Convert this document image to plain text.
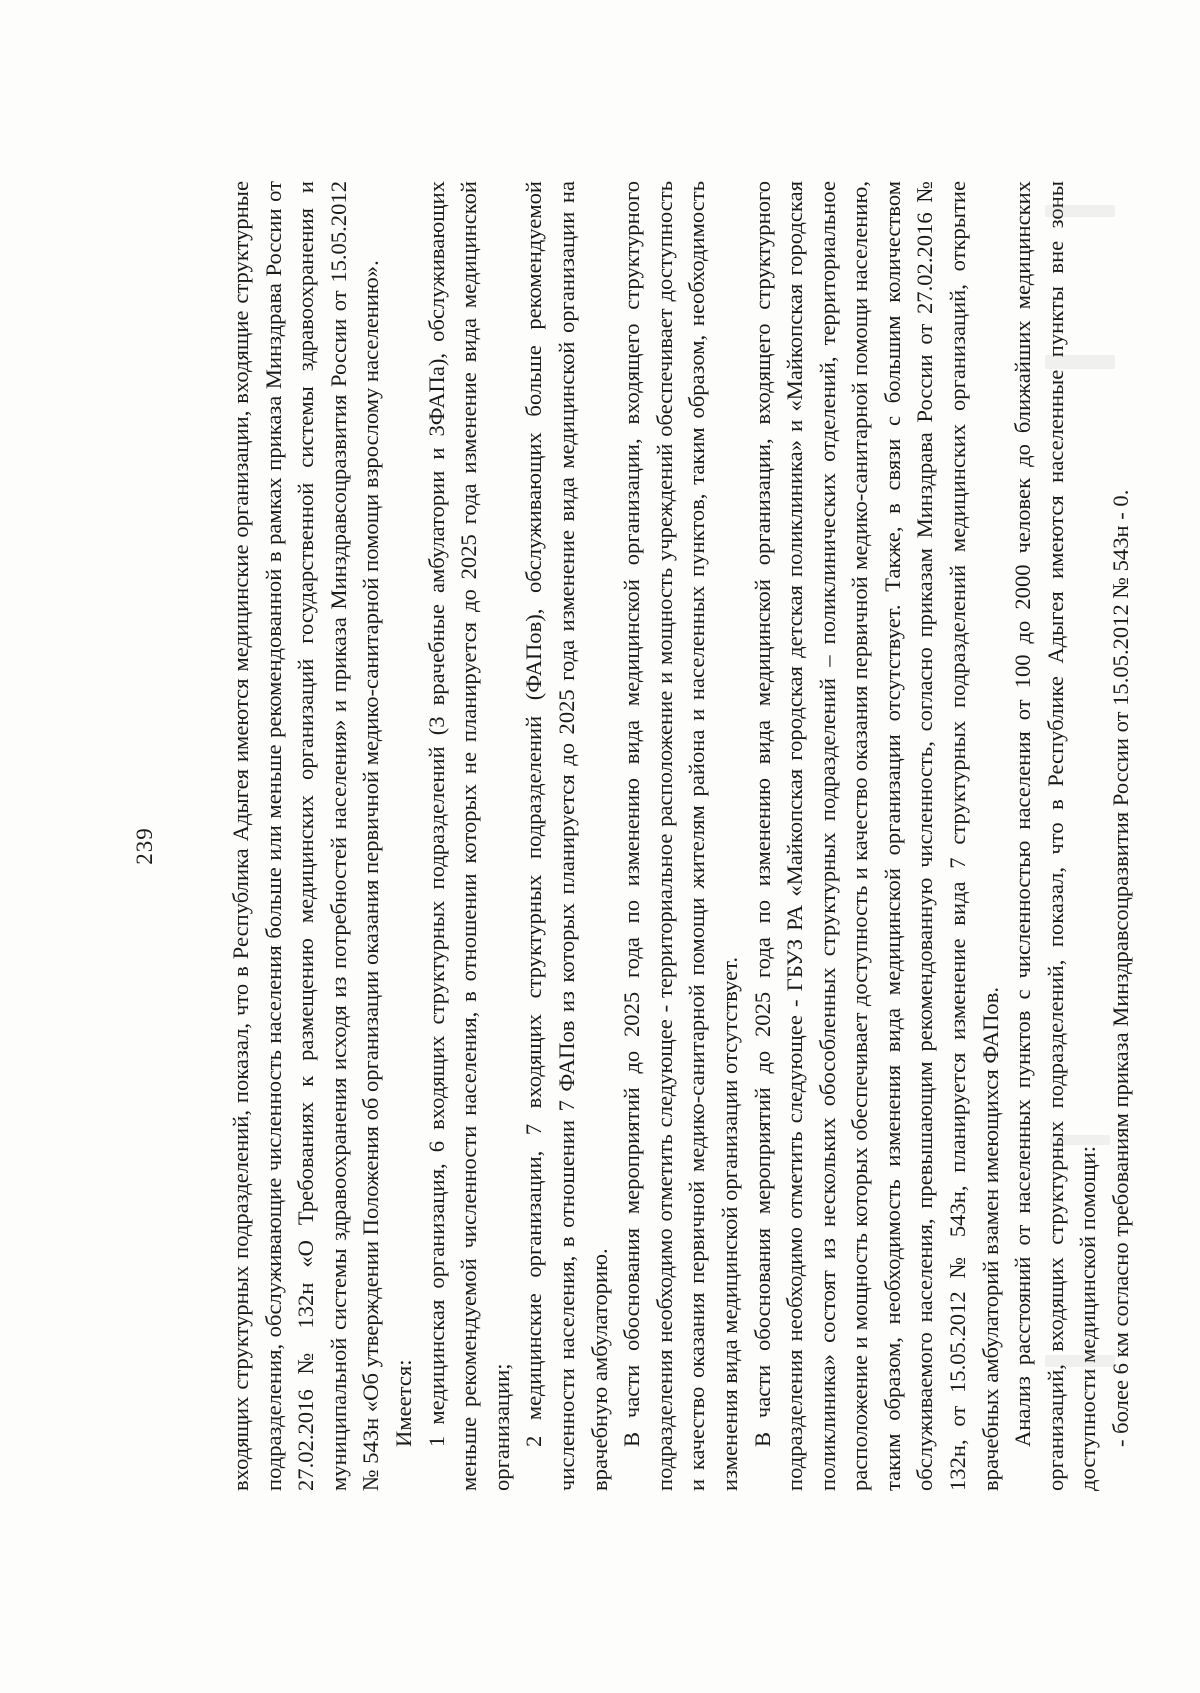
239	входящих структурных подразделений, показал, что в Республика Адыгея имеются медицинские организации, входящие структурные подразделения, обслуживающие численность населения больше или меньше рекомендованной в рамках приказа Минздрава России от 27.02.2016 № 132н «О Требованиях к размещению медицинских организаций государственной системы здравоохранения и муниципальной системы здравоохранения исходя из потребностей населения» и приказа Минздравсоцразвития России от 15.05.2012 № 543н «Об утверждении Положения об организации оказания первичной медико-санитарной помощи взрослому населению». Имеется: 1 медицинская организация, 6 входящих структурных подразделений (3 врачебные амбулатории и 3ФАПа), обслуживающих меньше рекомендуемой численности населения, в отношении которых не планируется до 2025 года изменение вида медицинской организации; 2 медицинские организации, 7 входящих структурных подразделений (ФАПов), обслуживающих больше рекомендуемой численности населения, в отношении 7 ФАПов из которых планируется до 2025 года изменение вида медицинской организации на врачебную амбулаторию. В части обоснования мероприятий до 2025 года по изменению вида медицинской организации, входящего структурного подразделения необходимо отметить следующее - территориальное расположение и мощность учреждений обеспечивает доступность и качество оказания первичной медико-санитарной помощи жителям района и населенных пунктов, таким образом, необходимость изменения вида медицинской организации отсутствует. В части обоснования мероприятий до 2025 года по изменению вида медицинской организации, входящего структурного подразделения необходимо отметить следующее - ГБУЗ РА «Майкопская городская детская поликлиника» и «Майкопская городская поликлиника» состоят из нескольких обособленных структурных подразделений – поликлинических отделений, территориальное расположение и мощность которых обеспечивает доступность и качество оказания первичной медико-санитарной помощи населению, таким образом, необходимость изменения вида медицинской организации отсутствует. Также, в связи с большим количеством обслуживаемого населения, превышающим рекомендованную численность, согласно приказам Минздрава России от 27.02.2016 № 132н, от 15.05.2012 № 543н, планируется изменение вида 7 структурных подразделений медицинских организаций, открытие врачебных амбулаторий взамен имеющихся ФАПов. Анализ расстояний от населенных пунктов с численностью населения от 100 до 2000 человек до ближайших медицинских организаций, входящих структурных подразделений, показал, что в Республике Адыгея имеются населенные пункты вне зоны доступности медицинской помощи: - более 6 км согласно требованиям приказа Минздравсоцразвития России от 15.05.2012 № 543н - 0.
